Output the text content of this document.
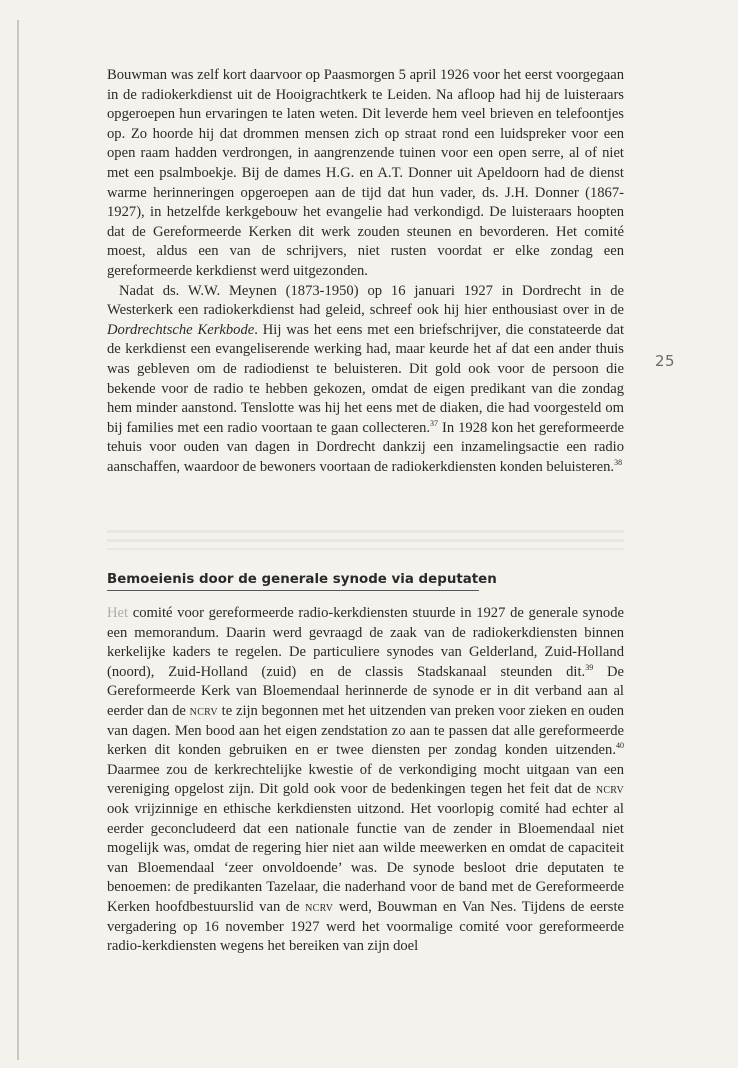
25

Bouwman was zelf kort daarvoor op Paasmorgen 5 april 1926 voor het eerst voorgegaan in de radiokerkdienst uit de Hooigrachtkerk te Leiden. Na afloop had hij de luisteraars opgeroepen hun ervaringen te laten weten. Dit leverde hem veel brieven en telefoontjes op. Zo hoorde hij dat drommen mensen zich op straat rond een luidspreker voor een open raam hadden verdrongen, in aangrenzende tuinen voor een open serre, al of niet met een psalmboekje. Bij de dames H.G. en A.T. Donner uit Apeldoorn had de dienst warme herinneringen opgeroepen aan de tijd dat hun vader, ds. J.H. Donner (1867-1927), in hetzelfde kerkgebouw het evangelie had verkondigd. De luisteraars hoopten dat de Gereformeerde Kerken dit werk zouden steunen en bevorderen. Het comité moest, aldus een van de schrijvers, niet rusten voordat er elke zondag een gereformeerde kerkdienst werd uitgezonden.

Nadat ds. W.W. Meynen (1873-1950) op 16 januari 1927 in Dordrecht in de Westerkerk een radiokerkdienst had geleid, schreef ook hij hier enthousiast over in de Dordrechtsche Kerkbode. Hij was het eens met een briefschrijver, die constateerde dat de kerkdienst een evangeliserende werking had, maar keurde het af dat een ander thuis was gebleven om de radiodienst te beluisteren. Dit gold ook voor de persoon die bekende voor de radio te hebben gekozen, omdat de eigen predikant van die zondag hem minder aanstond. Tenslotte was hij het eens met de diaken, die had voorgesteld om bij families met een radio voortaan te gaan collecteren.$^{37}$ In 1928 kon het gereformeerde tehuis voor ouden van dagen in Dordrecht dankzij een inzamelingsactie een radio aanschaffen, waardoor de bewoners voortaan de radiokerkdiensten konden beluisteren.$^{38}$

Bemoeienis door de generale synode via deputaten

Het comité voor gereformeerde radio-kerkdiensten stuurde in 1927 de generale synode een memorandum. Daarin werd gevraagd de zaak van de radiokerkdiensten binnen kerkelijke kaders te regelen. De particuliere synodes van Gelderland, Zuid-Holland (noord), Zuid-Holland (zuid) en de classis Stadskanaal steunden dit.$^{39}$ De Gereformeerde Kerk van Bloemendaal herinnerde de synode er in dit verband aan al eerder dan de ncrv te zijn begonnen met het uitzenden van preken voor zieken en ouden van dagen. Men bood aan het eigen zendstation zo aan te passen dat alle gereformeerde kerken dit konden gebruiken en er twee diensten per zondag konden uitzenden.$^{40}$ Daarmee zou de kerkrechtelijke kwestie of de verkondiging mocht uitgaan van een vereniging opgelost zijn. Dit gold ook voor de bedenkingen tegen het feit dat de ncrv ook vrijzinnige en ethische kerkdiensten uitzond. Het voorlopig comité had echter al eerder geconcludeerd dat een nationale functie van de zender in Bloemendaal niet mogelijk was, omdat de regering hier niet aan wilde meewerken en omdat de capaciteit van Bloemendaal ‘zeer onvoldoende’ was. De synode besloot drie deputaten te benoemen: de predikanten Tazelaar, die naderhand voor de band met de Gereformeerde Kerken hoofdbestuurslid van de ncrv werd, Bouwman en Van Nes. Tijdens de eerste vergadering op 16 november 1927 werd het voormalige comité voor gereformeerde radio-kerkdiensten wegens het bereiken van zijn doel
